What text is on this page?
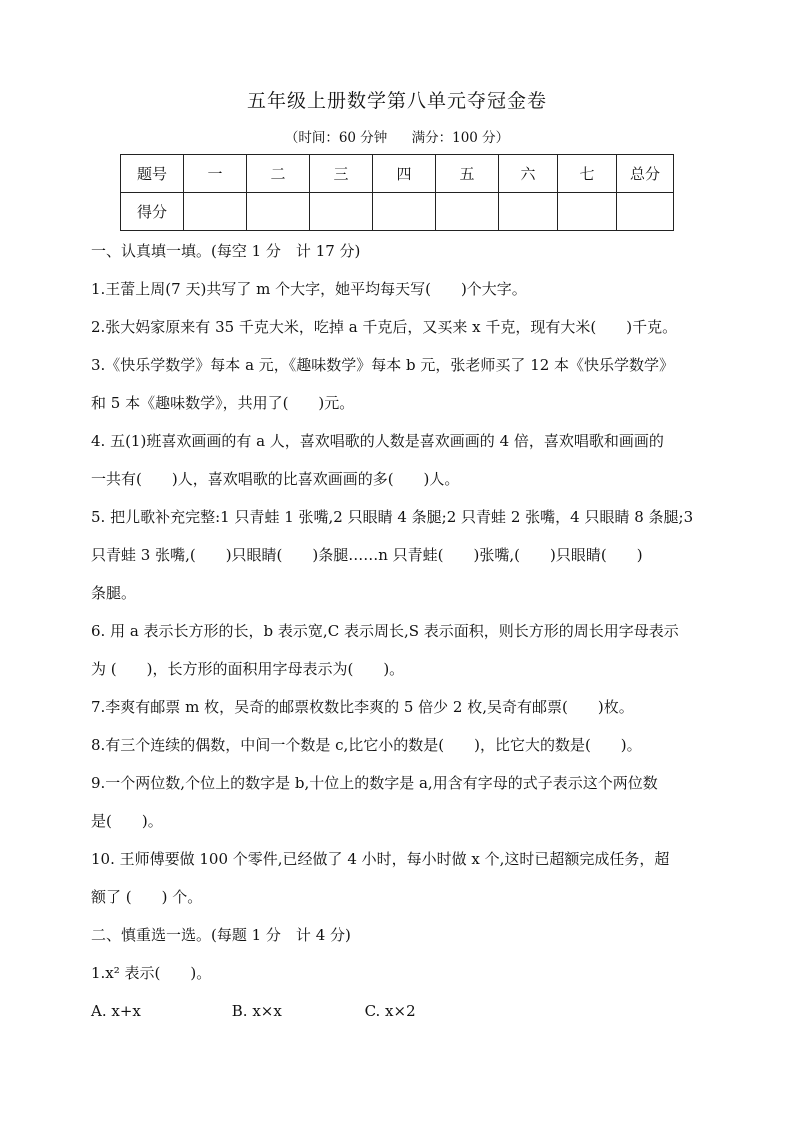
五年级上册数学第八单元夺冠金卷
（时间：60 分钟 满分：100 分）
题号	一	二	三	四	五	六	七	总分
得分								
一、认真填一填。(每空 1 分　计 17 分)
1.王蕾上周(7 天)共写了 m 个大字，她平均每天写(　　)个大字。
2.张大妈家原来有 35 千克大米，吃掉 a 千克后，又买来 x 千克，现有大米(　　)千克。
3.《快乐学数学》每本 a 元，《趣味数学》每本 b 元，张老师买了 12 本《快乐学数学》
和 5 本《趣味数学》，共用了(　　)元。
4. 五(1)班喜欢画画的有 a 人，喜欢唱歌的人数是喜欢画画的 4 倍，喜欢唱歌和画画的
一共有(　　)人，喜欢唱歌的比喜欢画画的多(　　)人。
5. 把儿歌补充完整:1 只青蛙 1 张嘴,2 只眼睛 4 条腿;2 只青蛙 2 张嘴，4 只眼睛 8 条腿;3
只青蛙 3 张嘴,(　　)只眼睛(　　)条腿……n 只青蛙(　　)张嘴,(　　)只眼睛(　　)
条腿。
6. 用 a 表示长方形的长，b 表示宽,C 表示周长,S 表示面积，则长方形的周长用字母表示
为 (　　)，长方形的面积用字母表示为(　　)。
7.李爽有邮票 m 枚，吴奇的邮票枚数比李爽的 5 倍少 2 枚,吴奇有邮票(　　)枚。
8.有三个连续的偶数，中间一个数是 c,比它小的数是(　　)，比它大的数是(　　)。
9.一个两位数,个位上的数字是 b,十位上的数字是 a,用含有字母的式子表示这个两位数
是(　　)。
10. 王师傅要做 100 个零件,已经做了 4 小时，每小时做 x 个,这时已超额完成任务，超
额了 (　　) 个。
二、慎重选一选。(每题 1 分　计 4 分)
1.x² 表示(　　)。
A. x+x	B. x×x	C. x×2
